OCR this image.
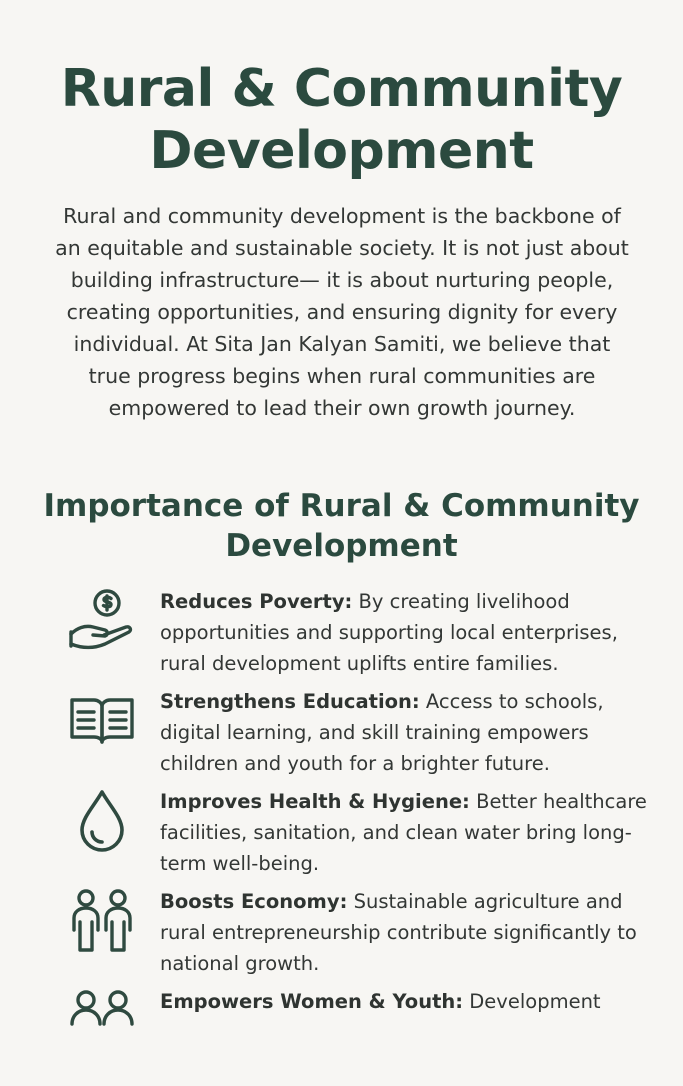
Rural & Community Development

Rural and community development is the backbone of an equitable and sustainable society. It is not just about building infrastructure— it is about nurturing people, creating opportunities, and ensuring dignity for every individual. At Sita Jan Kalyan Samiti, we believe that true progress begins when rural communities are empowered to lead their own growth journey.

Importance of Rural & Community Development

Reduces Poverty: By creating livelihood opportunities and supporting local enterprises, rural development uplifts entire families.

Strengthens Education: Access to schools, digital learning, and skill training empowers children and youth for a brighter future.

Improves Health & Hygiene: Better healthcare facilities, sanitation, and clean water bring long-term well-being.

Boosts Economy: Sustainable agriculture and rural entrepreneurship contribute significantly to national growth.

Empowers Women & Youth: Development
